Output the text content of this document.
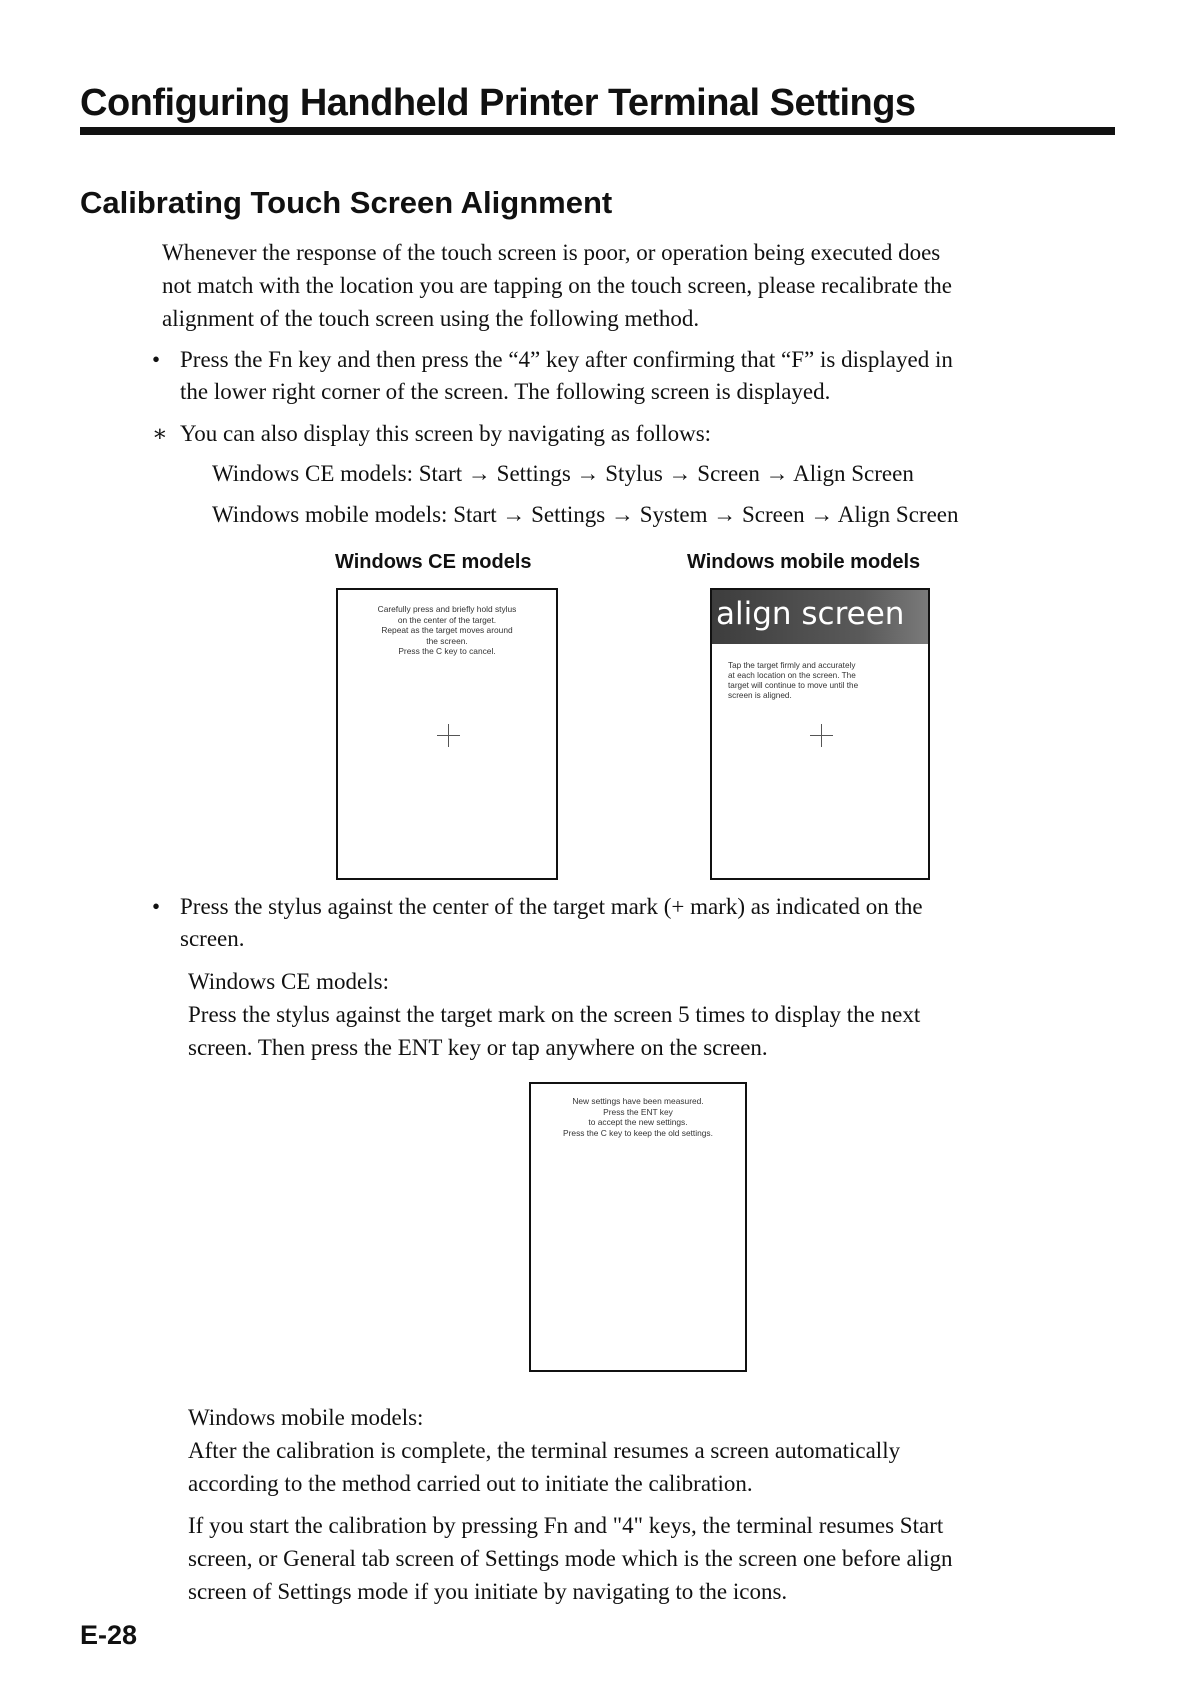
Configuring Handheld Printer Terminal Settings
Calibrating Touch Screen Alignment
Whenever the response of the touch screen is poor, or operation being executed does
not match with the location you are tapping on the touch screen, please recalibrate the
alignment of the touch screen using the following method.
• Press the Fn key and then press the “4” key after confirming that “F” is displayed in
the lower right corner of the screen. The following screen is displayed.
∗ You can also display this screen by navigating as follows:
Windows CE models: Start → Settings → Stylus → Screen → Align Screen
Windows mobile models: Start → Settings → System → Screen → Align Screen
Windows CE models	Windows mobile models
Carefully press and briefly hold stylus
on the center of the target.
Repeat as the target moves around
the screen.
Press the C key to cancel.
align screen
Tap the target firmly and accurately
at each location on the screen. The
target will continue to move until the
screen is aligned.
• Press the stylus against the center of the target mark (+ mark) as indicated on the
screen.
Windows CE models:
Press the stylus against the target mark on the screen 5 times to display the next
screen. Then press the ENT key or tap anywhere on the screen.
New settings have been measured.
Press the ENT key
to accept the new settings.
Press the C key to keep the old settings.
Windows mobile models:
After the calibration is complete, the terminal resumes a screen automatically
according to the method carried out to initiate the calibration.
If you start the calibration by pressing Fn and "4" keys, the terminal resumes Start
screen, or General tab screen of Settings mode which is the screen one before align
screen of Settings mode if you initiate by navigating to the icons.
E-28
